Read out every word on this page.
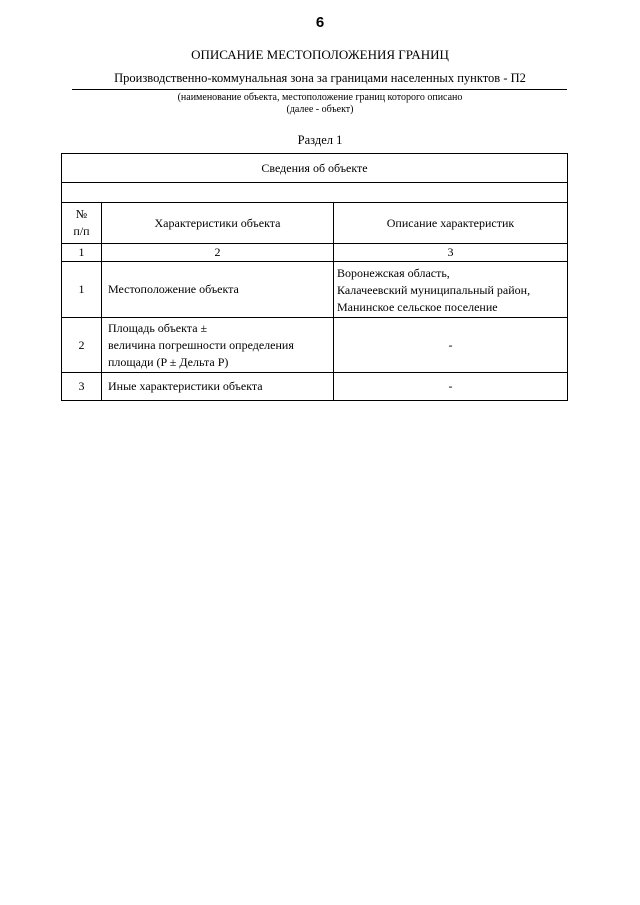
6
ОПИСАНИЕ МЕСТОПОЛОЖЕНИЯ ГРАНИЦ
Производственно-коммунальная зона за границами населенных пунктов - П2
(наименование объекта, местоположение границ которого описано
(далее - объект)
Раздел 1
Сведения об объекте		

№
п/п	Характеристики объекта	Описание характеристик
1	2	3
1	Местоположение объекта	Воронежская область,
Калачеевский муниципальный район,
Манинское сельское поселение

2	Площадь объекта ±
величина погрешности определения
площади (P ± Дельта P)	-
3	Иные характеристики объекта	-
